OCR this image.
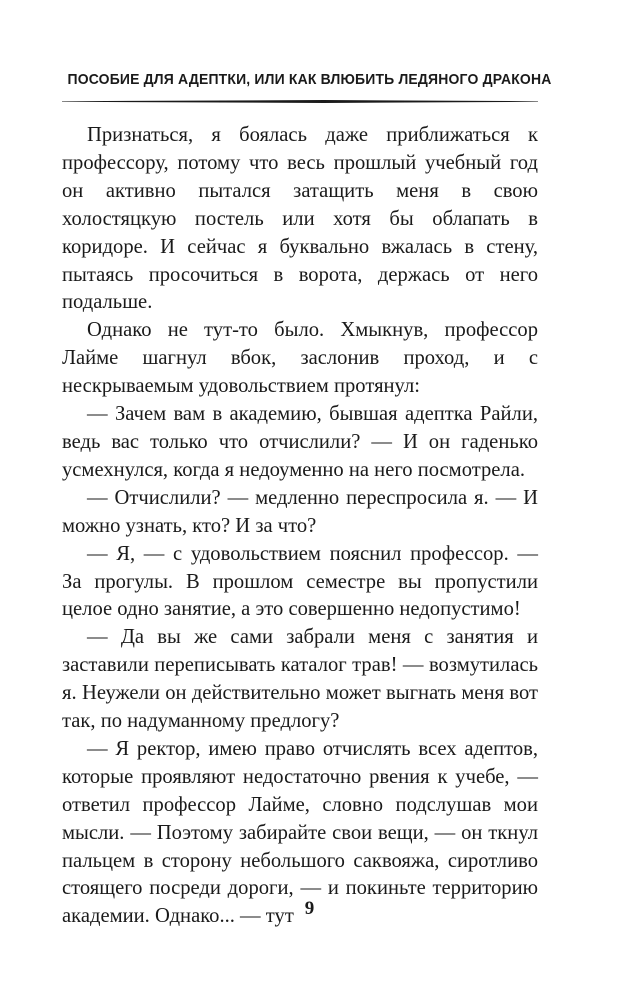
ПОСОБИЕ ДЛЯ АДЕПТКИ, ИЛИ КАК ВЛЮБИТЬ ЛЕДЯНОГО ДРАКОНА

Признаться, я боялась даже приближаться к профессору, потому что весь прошлый учебный год он активно пытался затащить меня в свою холостяцкую постель или хотя бы облапать в коридоре. И сейчас я буквально вжалась в стену, пытаясь просочиться в ворота, держась от него подальше.

Однако не тут-то было. Хмыкнув, профессор Лайме шагнул вбок, заслонив проход, и с нескрываемым удовольствием протянул:

— Зачем вам в академию, бывшая адептка Райли, ведь вас только что отчислили? — И он гаденько усмехнулся, когда я недоуменно на него посмотрела.

— Отчислили? — медленно переспросила я. — И можно узнать, кто? И за что?

— Я, — с удовольствием пояснил профессор. — За прогулы. В прошлом семестре вы пропустили целое одно занятие, а это совершенно недопустимо!

— Да вы же сами забрали меня с занятия и заставили переписывать каталог трав! — возмутилась я. Неужели он действительно может выгнать меня вот так, по надуманному предлогу?

— Я ректор, имею право отчислять всех адептов, которые проявляют недостаточно рвения к учебе, — ответил профессор Лайме, словно подслушав мои мысли. — Поэтому забирайте свои вещи, — он ткнул пальцем в сторону небольшого саквояжа, сиротливо стоящего посреди дороги, — и покиньте территорию академии. Однако... — тут 9
